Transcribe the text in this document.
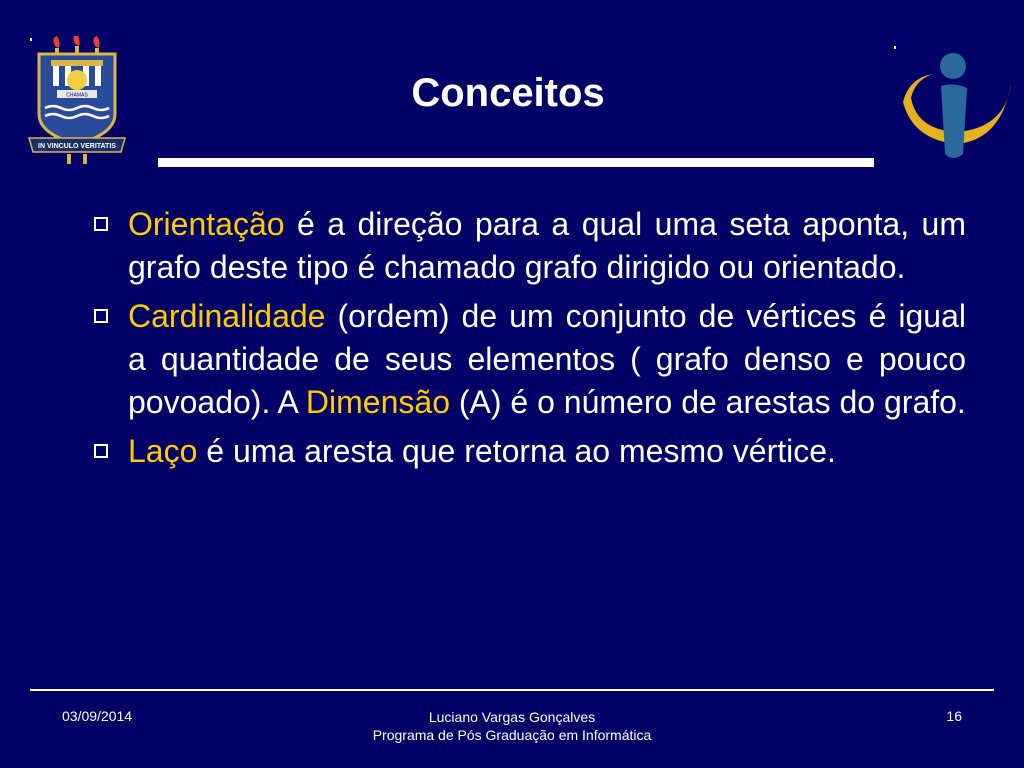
CHAMAS
IN VINCULO VERITATIS
Conceitos
Orientação é a direção para a qual uma seta aponta, um grafo deste tipo é chamado grafo dirigido ou orientado.
Cardinalidade (ordem) de um conjunto de vértices é igual a quantidade de seus elementos ( grafo denso e pouco povoado). A Dimensão (A) é o número de arestas do grafo.
Laço é uma aresta que retorna ao mesmo vértice.
03/09/2014	Luciano Vargas Gonçalves
Programa de Pós Graduação em Informática
16
